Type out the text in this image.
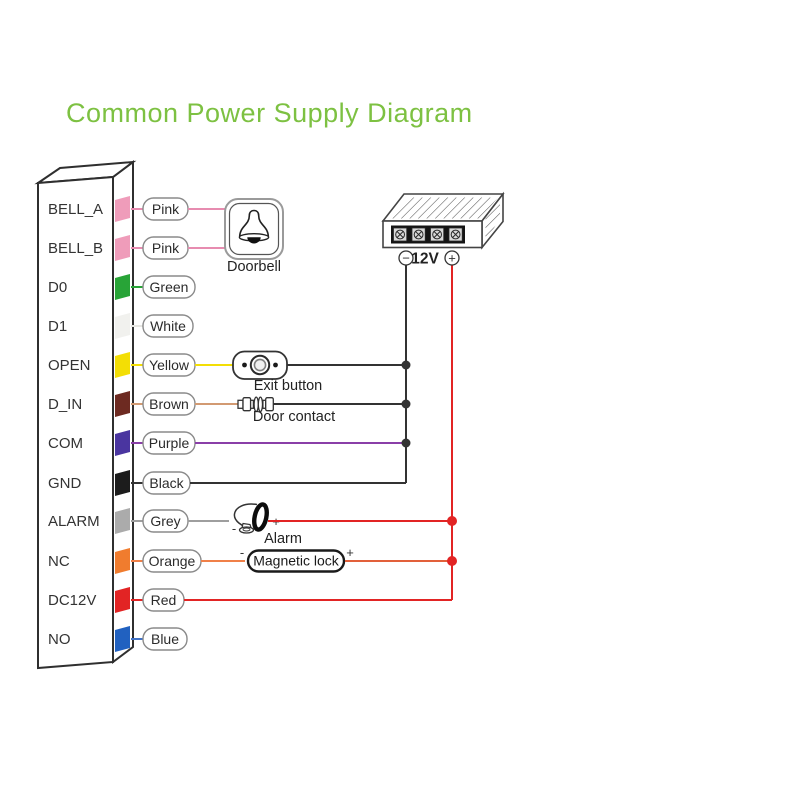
Common Power Supply Diagram
BELL_A	Pink
BELL_B	Pink
D0	Green
D1	White
OPEN	Yellow
D_IN	Brown
COM	Purple
GND	Black
ALARM	Grey
NC	Orange
DC12V	Red
NO	Blue
Doorbell
− 12V +
Exit button
Door contact
-	+
Alarm
Magnetic lock
-	+
